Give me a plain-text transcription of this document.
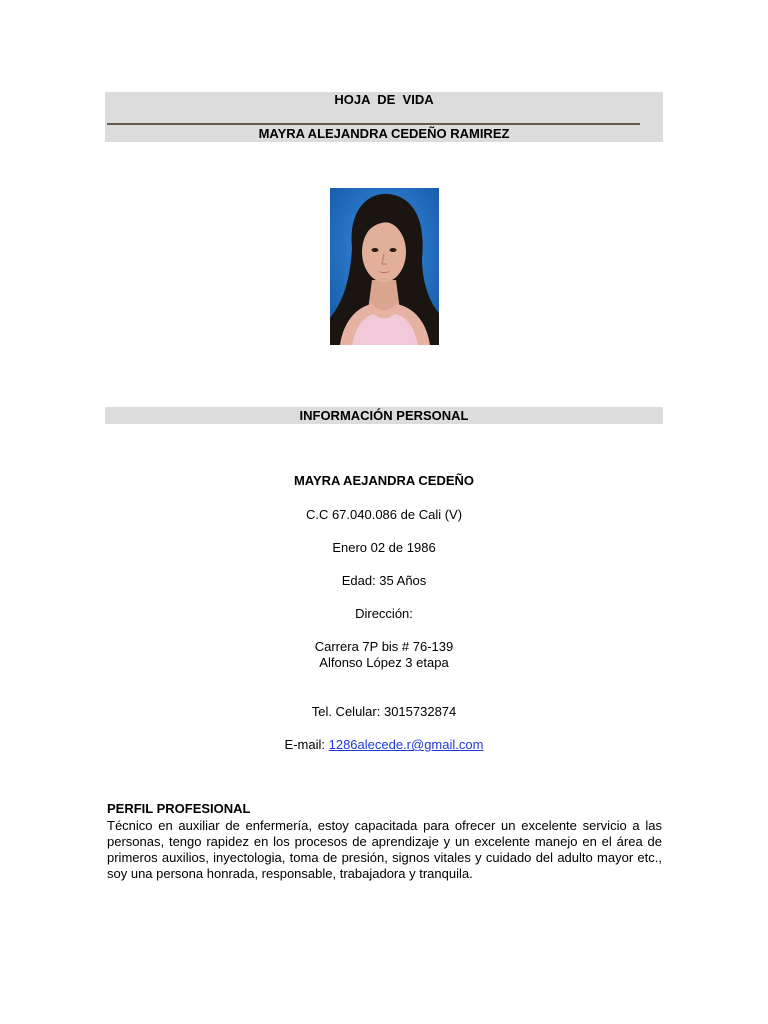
HOJA  DE  VIDA
MAYRA ALEJANDRA CEDEÑO RAMIREZ
INFORMACIÓN PERSONAL
MAYRA AEJANDRA CEDEÑO
C.C 67.040.086 de Cali (V)
Enero 02 de 1986
Edad: 35 Años
Dirección:
Carrera 7P bis # 76-139
Alfonso López 3 etapa
Tel. Celular: 3015732874
E-mail: 1286alecede.r@gmail.com
PERFIL PROFESIONAL
Técnico en auxiliar de enfermería, estoy capacitada para ofrecer un excelente servicio a las personas, tengo rapidez en los procesos de aprendizaje y un excelente manejo en el área de primeros auxilios, inyectologia, toma de presión, signos vitales y cuidado del adulto mayor etc., soy una persona honrada, responsable, trabajadora y tranquila.
